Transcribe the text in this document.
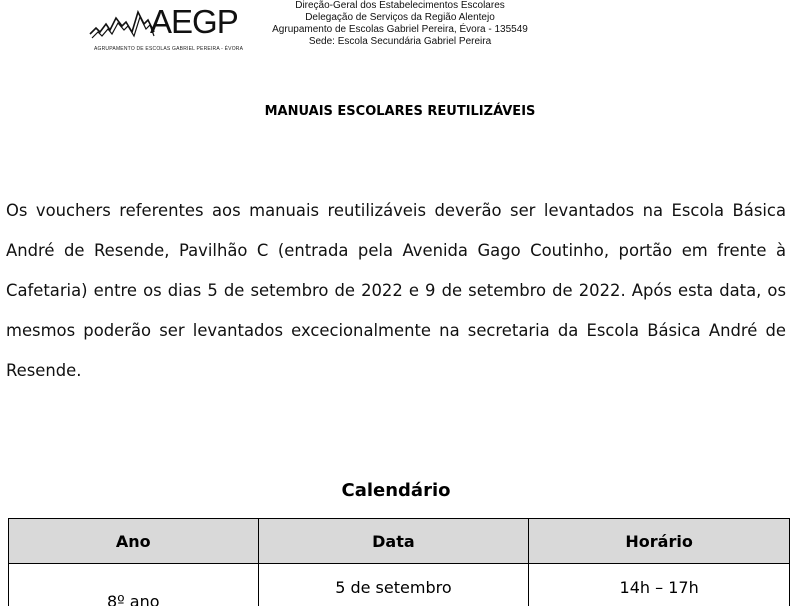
AEGP
AGRUPAMENTO DE ESCOLAS GABRIEL PEREIRA - ÉVORA
Direção-Geral dos Estabelecimentos Escolares
Delegação de Serviços da Região Alentejo
Agrupamento de Escolas Gabriel Pereira, Évora - 135549
Sede: Escola Secundária Gabriel Pereira
MANUAIS ESCOLARES REUTILIZÁVEIS
Os vouchers referentes aos manuais reutilizáveis deverão ser levantados na Escola Básica André de Resende, Pavilhão C (entrada pela Avenida Gago Coutinho, portão em frente à Cafetaria) entre os dias 5 de setembro de 2022 e 9 de setembro de 2022. Após esta data, os mesmos poderão ser levantados excecionalmente na secretaria da Escola Básica André de Resende.
Calendário
Ano	Data	Horário
8º ano	5 de setembro	14h – 17h
